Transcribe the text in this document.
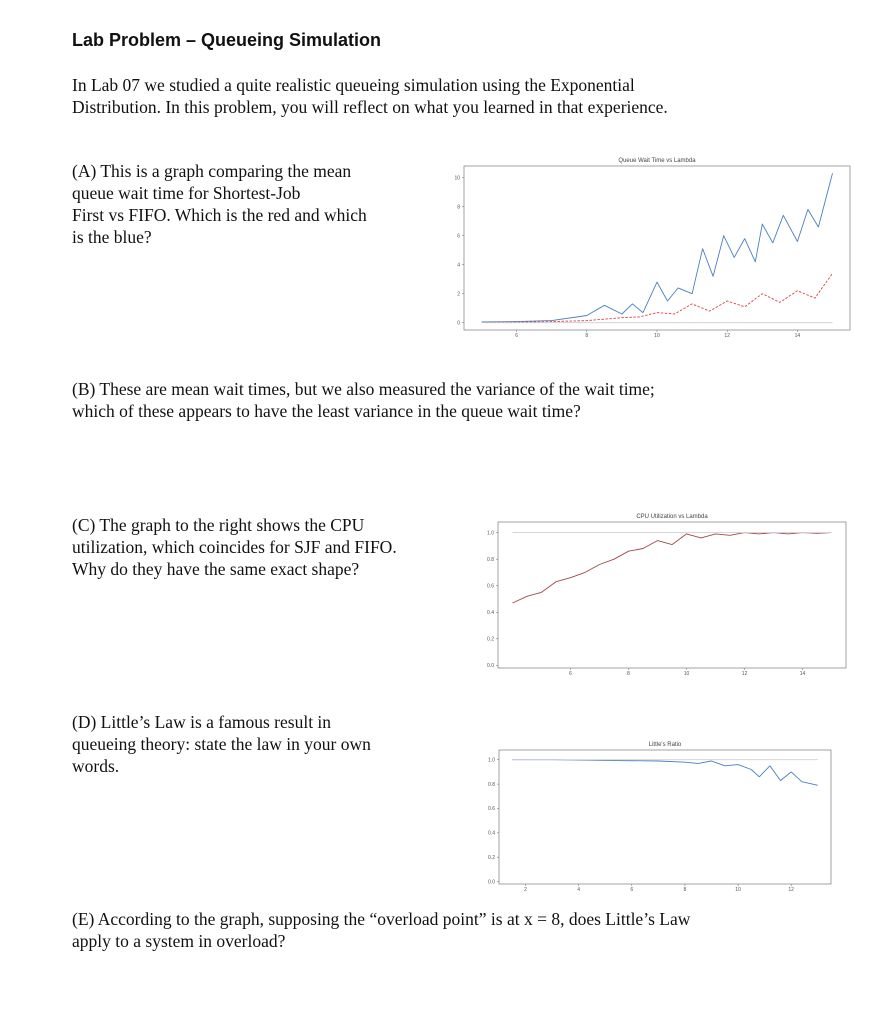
Lab Problem – Queueing Simulation
In Lab 07 we studied a quite realistic queueing simulation using the Exponential
Distribution. In this problem, you will reflect on what you learned in that experience.
(A) This is a graph comparing the mean
queue wait time for Shortest-Job
First vs FIFO. Which is the red and which
is the blue?
(B) These are mean wait times, but we also measured the variance of the wait time;
which of these appears to have the least variance in the queue wait time?
(C) The graph to the right shows the CPU
utilization, which coincides for SJF and FIFO.
Why do they have the same exact shape?
(D) Little’s Law is a famous result in
queueing theory: state the law in your own
words.
(E) According to the graph, supposing the “overload point” is at x = 8, does Little’s Law
apply to a system in overload?
Queue Wait Time vs Lambda
6	8	10	12	14
0
2
4
6
8
10
CPU Utilization vs Lambda
6	8	10	12	14
0.0
0.2
0.4
0.6
0.8
1.0
Little's Ratio
2	4	6	8	10	12
0.0
0.2
0.4
0.6
0.8
1.0
